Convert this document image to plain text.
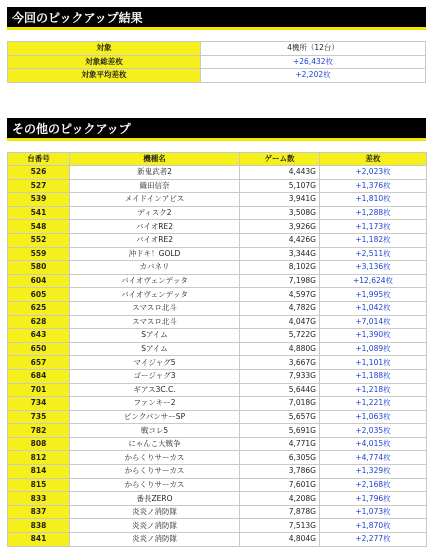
今回のピックアップ結果
対象	4機所（12台）
対象総差枚	+26,432枚
対象平均差枚	+2,202枚
その他のピックアップ
台番号	機種名	ゲーム数	差枚
526	新鬼武者2	4,443G	+2,023枚
527	織田信奈	5,107G	+1,376枚
539	メイドインアビス	3,941G	+1,810枚
541	ディスク2	3,508G	+1,288枚
548	バイオRE2	3,926G	+1,173枚
552	バイオRE2	4,426G	+1,182枚
559	沖ドキ！GOLD	3,344G	+2,511枚
580	カバネリ	8,102G	+3,136枚
604	バイオヴェンデッタ	7,198G	+12,624枚
605	バイオヴェンデッタ	4,597G	+1,995枚
625	スマスロ北斗	4,782G	+1,042枚
628	スマスロ北斗	4,047G	+7,014枚
643	Sアイム	5,722G	+1,390枚
650	Sアイム	4,880G	+1,089枚
657	マイジャグ5	3,667G	+1,101枚
684	ゴージャグ3	7,933G	+1,188枚
701	ギアス3C.C.	5,644G	+1,218枚
734	ファンキー2	7,018G	+1,221枚
735	ピンクパンサーSP	5,657G	+1,063枚
782	戦コレ5	5,691G	+2,035枚
808	にゃんこ大戦争	4,771G	+4,015枚
812	からくりサーカス	6,305G	+4,774枚
814	からくりサーカス	3,786G	+1,329枚
815	からくりサーカス	7,601G	+2,168枚
833	番長ZERO	4,208G	+1,796枚
837	炎炎ノ消防隊	7,878G	+1,073枚
838	炎炎ノ消防隊	7,513G	+1,870枚
841	炎炎ノ消防隊	4,804G	+2,277枚
